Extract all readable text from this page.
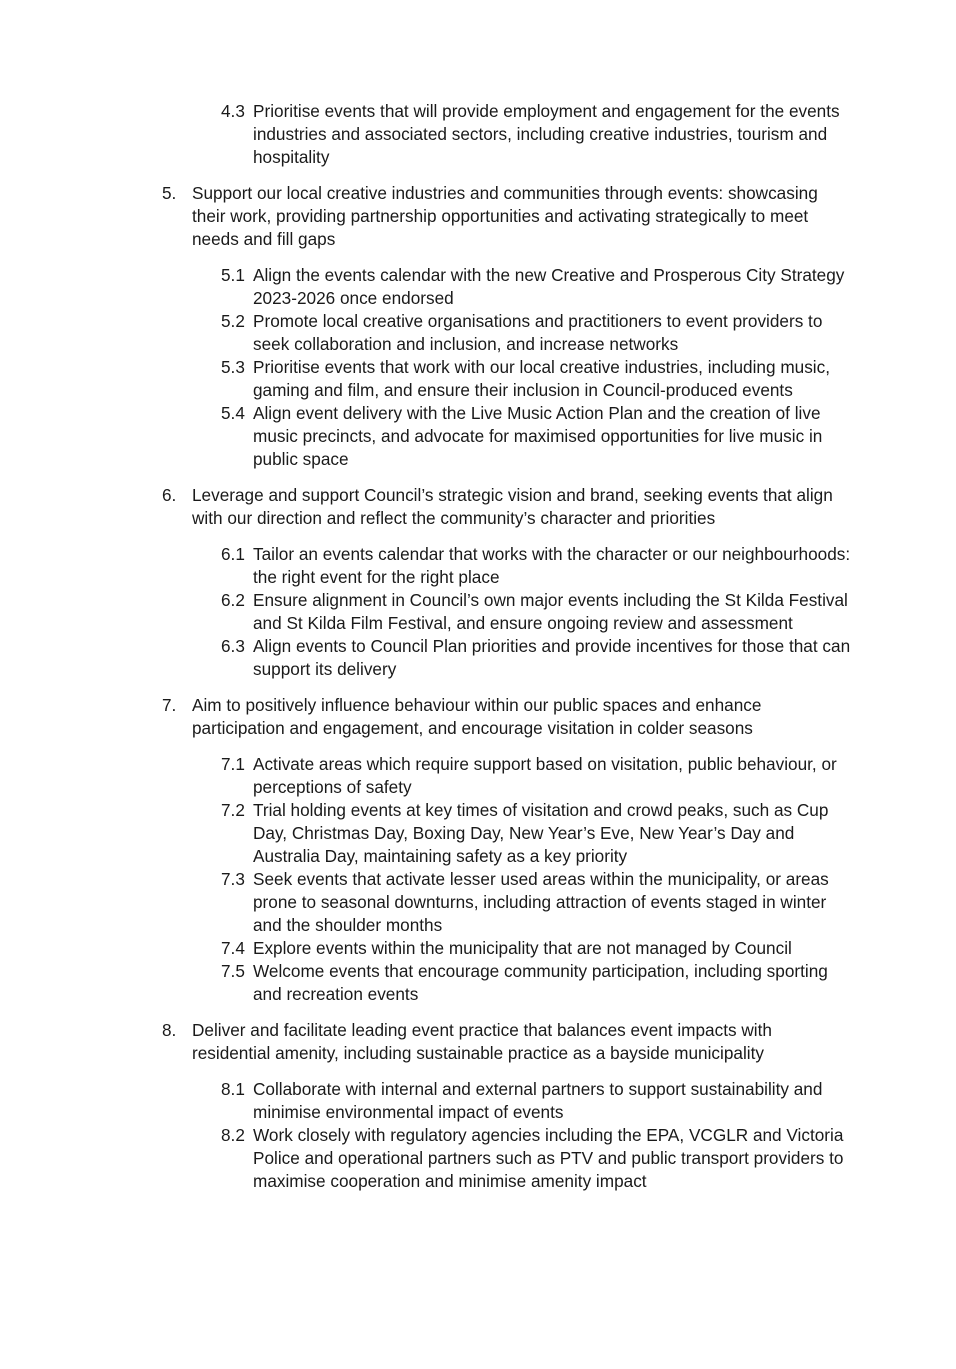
4.3 Prioritise events that will provide employment and engagement for the events industries and associated sectors, including creative industries, tourism and hospitality
5. Support our local creative industries and communities through events: showcasing their work, providing partnership opportunities and activating strategically to meet needs and fill gaps
5.1 Align the events calendar with the new Creative and Prosperous City Strategy 2023-2026 once endorsed
5.2 Promote local creative organisations and practitioners to event providers to seek collaboration and inclusion, and increase networks
5.3 Prioritise events that work with our local creative industries, including music, gaming and film, and ensure their inclusion in Council-produced events
5.4 Align event delivery with the Live Music Action Plan and the creation of live music precincts, and advocate for maximised opportunities for live music in public space
6. Leverage and support Council’s strategic vision and brand, seeking events that align with our direction and reflect the community’s character and priorities
6.1 Tailor an events calendar that works with the character or our neighbourhoods: the right event for the right place
6.2 Ensure alignment in Council’s own major events including the St Kilda Festival and St Kilda Film Festival, and ensure ongoing review and assessment
6.3 Align events to Council Plan priorities and provide incentives for those that can support its delivery
7. Aim to positively influence behaviour within our public spaces and enhance participation and engagement, and encourage visitation in colder seasons
7.1 Activate areas which require support based on visitation, public behaviour, or perceptions of safety
7.2 Trial holding events at key times of visitation and crowd peaks, such as Cup Day, Christmas Day, Boxing Day, New Year’s Eve, New Year’s Day and Australia Day, maintaining safety as a key priority
7.3 Seek events that activate lesser used areas within the municipality, or areas prone to seasonal downturns, including attraction of events staged in winter and the shoulder months
7.4 Explore events within the municipality that are not managed by Council
7.5 Welcome events that encourage community participation, including sporting and recreation events
8. Deliver and facilitate leading event practice that balances event impacts with residential amenity, including sustainable practice as a bayside municipality
8.1 Collaborate with internal and external partners to support sustainability and minimise environmental impact of events
8.2 Work closely with regulatory agencies including the EPA, VCGLR and Victoria Police and operational partners such as PTV and public transport providers to maximise cooperation and minimise amenity impact
